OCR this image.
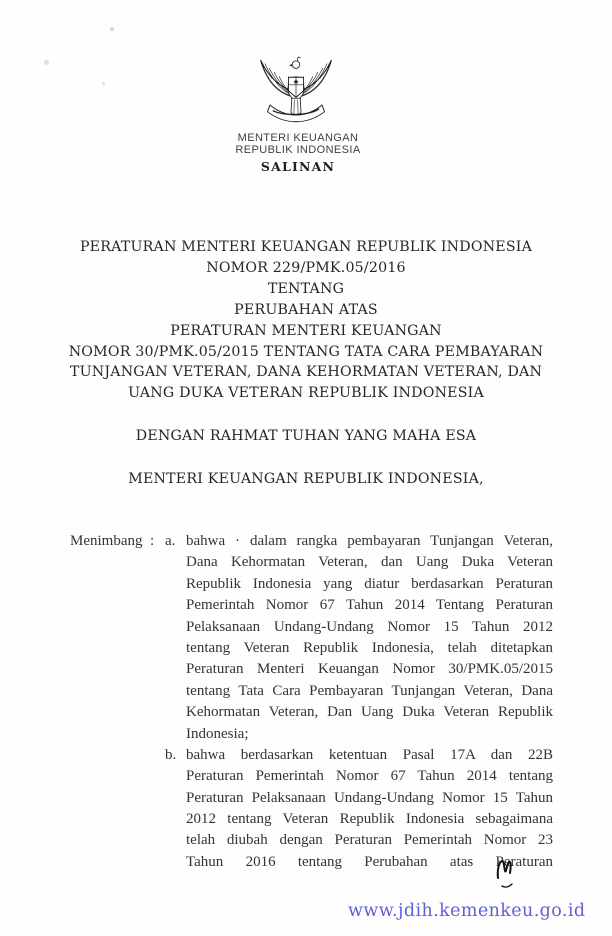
MENTERI KEUANGAN
REPUBLIK INDONESIA
SALINAN
PERATURAN MENTERI KEUANGAN REPUBLIK INDONESIA
NOMOR 229/PMK.05/2016
TENTANG
PERUBAHAN ATAS
PERATURAN MENTERI KEUANGAN
NOMOR 30/PMK.05/2015 TENTANG TATA CARA PEMBAYARAN
TUNJANGAN VETERAN, DANA KEHORMATAN VETERAN, DAN
UANG DUKA VETERAN REPUBLIK INDONESIA
DENGAN RAHMAT TUHAN YANG MAHA ESA
MENTERI KEUANGAN REPUBLIK INDONESIA,
Menimbang : a. bahwa · dalam rangka pembayaran Tunjangan Veteran,
Dana Kehormatan Veteran, dan Uang Duka Veteran
Republik Indonesia yang diatur berdasarkan Peraturan
Pemerintah Nomor 67 Tahun 2014 Tentang Peraturan
Pelaksanaan Undang-Undang Nomor 15 Tahun 2012
tentang Veteran Republik Indonesia, telah ditetapkan
Peraturan Menteri Keuangan Nomor 30/PMK.05/2015
tentang Tata Cara Pembayaran Tunjangan Veteran, Dana
Kehormatan Veteran, Dan Uang Duka Veteran Republik
Indonesia;
b. bahwa berdasarkan ketentuan Pasal 17A dan 22B
Peraturan Pemerintah Nomor 67 Tahun 2014 tentang
Peraturan Pelaksanaan Undang-Undang Nomor 15 Tahun
2012 tentang Veteran Republik Indonesia sebagaimana
telah diubah dengan Peraturan Pemerintah Nomor 23
Tahun 2016 tentang Perubahan atas Peraturan
www.jdih.kemenkeu.go.id
